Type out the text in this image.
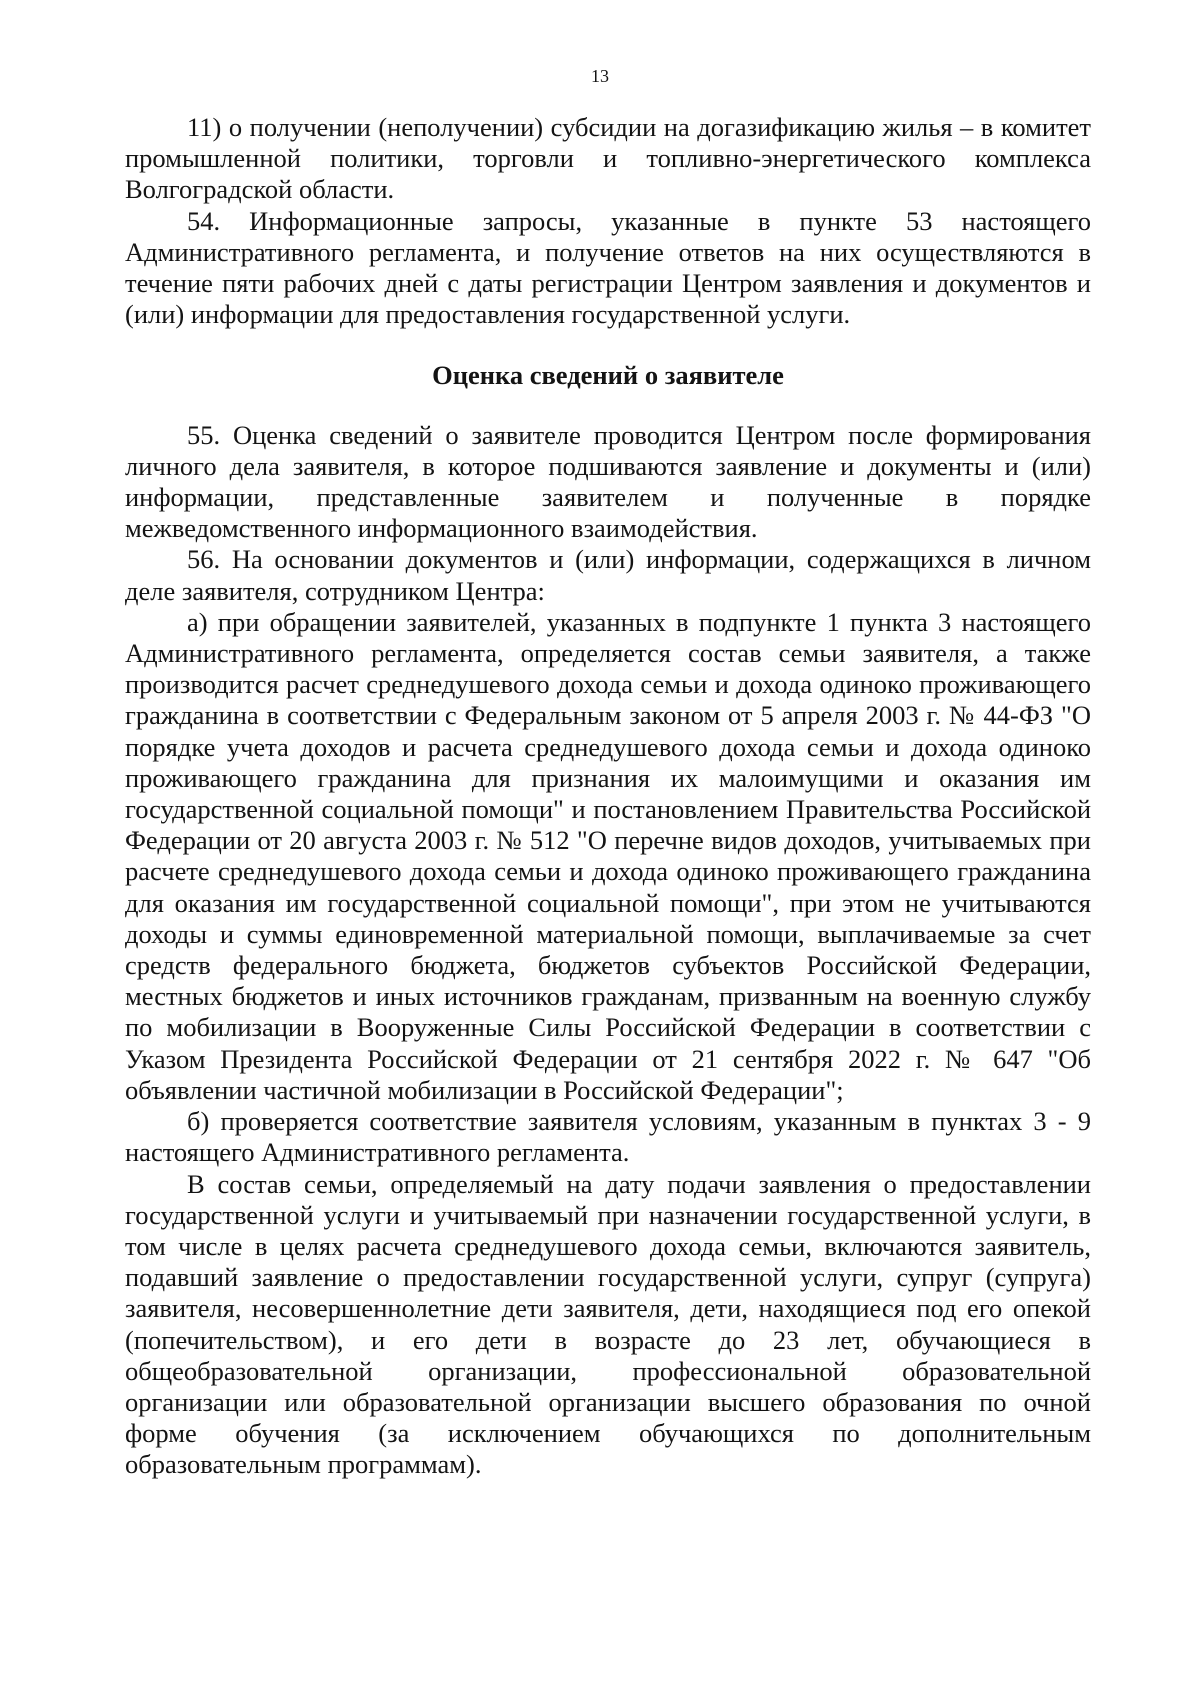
13

11) о получении (неполучении) субсидии на догазификацию жилья – в комитет промышленной политики, торговли и топливно-энергетического комплекса Волгоградской области.

54. Информационные запросы, указанные в пункте 53 настоящего Административного регламента, и получение ответов на них осуществляются в течение пяти рабочих дней с даты регистрации Центром заявления и документов и (или) информации для предоставления государственной услуги.

Оценка сведений о заявителе

55. Оценка сведений о заявителе проводится Центром после формирования личного дела заявителя, в которое подшиваются заявление и документы и (или) информации, представленные заявителем и полученные в порядке межведомственного информационного взаимодействия.

56. На основании документов и (или) информации, содержащихся в личном деле заявителя, сотрудником Центра:

а) при обращении заявителей, указанных в подпункте 1 пункта 3 настоящего Административного регламента, определяется состав семьи заявителя, а также производится расчет среднедушевого дохода семьи и дохода одиноко проживающего гражданина в соответствии с Федеральным законом от 5 апреля 2003 г. № 44-ФЗ "О порядке учета доходов и расчета среднедушевого дохода семьи и дохода одиноко проживающего гражданина для признания их малоимущими и оказания им государственной социальной помощи" и постановлением Правительства Российской Федерации от 20 августа 2003 г. № 512 "О перечне видов доходов, учитываемых при расчете среднедушевого дохода семьи и дохода одиноко проживающего гражданина для оказания им государственной социальной помощи", при этом не учитываются доходы и суммы единовременной материальной помощи, выплачиваемые за счет средств федерального бюджета, бюджетов субъектов Российской Федерации, местных бюджетов и иных источников гражданам, призванным на военную службу по мобилизации в Вооруженные Силы Российской Федерации в соответствии с Указом Президента Российской Федерации от 21 сентября 2022 г. № 647 "Об объявлении частичной мобилизации в Российской Федерации";

б) проверяется соответствие заявителя условиям, указанным в пунктах 3 - 9 настоящего Административного регламента.

В состав семьи, определяемый на дату подачи заявления о предоставлении государственной услуги и учитываемый при назначении государственной услуги, в том числе в целях расчета среднедушевого дохода семьи, включаются заявитель, подавший заявление о предоставлении государственной услуги, супруг (супруга) заявителя, несовершеннолетние дети заявителя, дети, находящиеся под его опекой (попечительством), и его дети в возрасте до 23 лет, обучающиеся в общеобразовательной организации, профессиональной образовательной организации или образовательной организации высшего образования по очной форме обучения (за исключением обучающихся по дополнительным образовательным программам).
